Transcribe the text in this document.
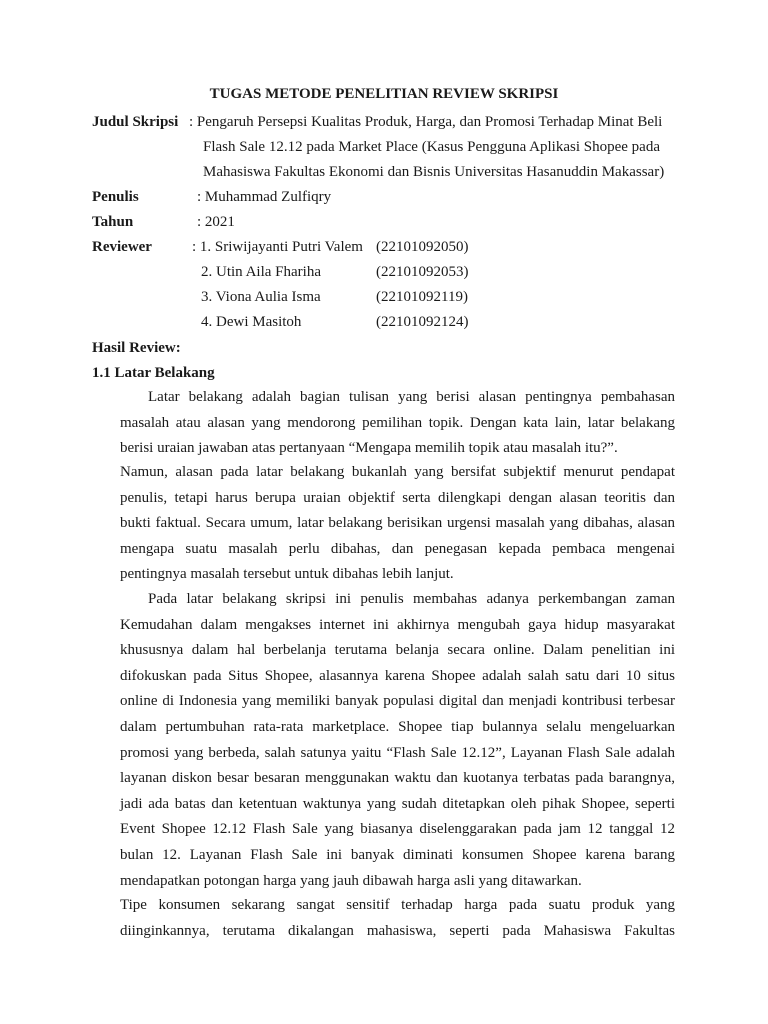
TUGAS METODE PENELITIAN REVIEW SKRIPSI
Judul Skripsi : Pengaruh Persepsi Kualitas Produk, Harga, dan Promosi Terhadap Minat Beli
Flash Sale 12.12 pada Market Place (Kasus Pengguna Aplikasi Shopee pada
Mahasiswa Fakultas Ekonomi dan Bisnis Universitas Hasanuddin Makassar)
Penulis	: Muhammad Zulfiqry
Tahun	: 2021
Reviewer	: 1. Sriwijayanti Putri Valem (22101092050)
2. Utin Aila Fhariha	(22101092053)
3. Viona Aulia Isma	(22101092119)
4. Dewi Masitoh	(22101092124)
Hasil Review:
1.1 Latar Belakang
Latar belakang adalah bagian tulisan yang berisi alasan pentingnya pembahasan
masalah atau alasan yang mendorong pemilihan topik. Dengan kata lain, latar belakang
berisi uraian jawaban atas pertanyaan “Mengapa memilih topik atau masalah itu?”.
Namun, alasan pada latar belakang bukanlah yang bersifat subjektif menurut pendapat
penulis, tetapi harus berupa uraian objektif serta dilengkapi dengan alasan teoritis dan
bukti faktual. Secara umum, latar belakang berisikan urgensi masalah yang dibahas, alasan
mengapa suatu masalah perlu dibahas, dan penegasan kepada pembaca mengenai
pentingnya masalah tersebut untuk dibahas lebih lanjut.
Pada latar belakang skripsi ini penulis membahas adanya perkembangan zaman
Kemudahan dalam mengakses internet ini akhirnya mengubah gaya hidup masyarakat
khususnya dalam hal berbelanja terutama belanja secara online. Dalam penelitian ini
difokuskan pada Situs Shopee, alasannya karena Shopee adalah salah satu dari 10 situs
online di Indonesia yang memiliki banyak populasi digital dan menjadi kontribusi terbesar
dalam pertumbuhan rata-rata marketplace. Shopee tiap bulannya selalu mengeluarkan
promosi yang berbeda, salah satunya yaitu “Flash Sale 12.12”, Layanan Flash Sale adalah
layanan diskon besar besaran menggunakan waktu dan kuotanya terbatas pada barangnya,
jadi ada batas dan ketentuan waktunya yang sudah ditetapkan oleh pihak Shopee, seperti
Event Shopee 12.12 Flash Sale yang biasanya diselenggarakan pada jam 12 tanggal 12
bulan 12. Layanan Flash Sale ini banyak diminati konsumen Shopee karena barang
mendapatkan potongan harga yang jauh dibawah harga asli yang ditawarkan.
Tipe konsumen sekarang sangat sensitif terhadap harga pada suatu produk yang
diinginkannya, terutama dikalangan mahasiswa, seperti pada Mahasiswa Fakultas
